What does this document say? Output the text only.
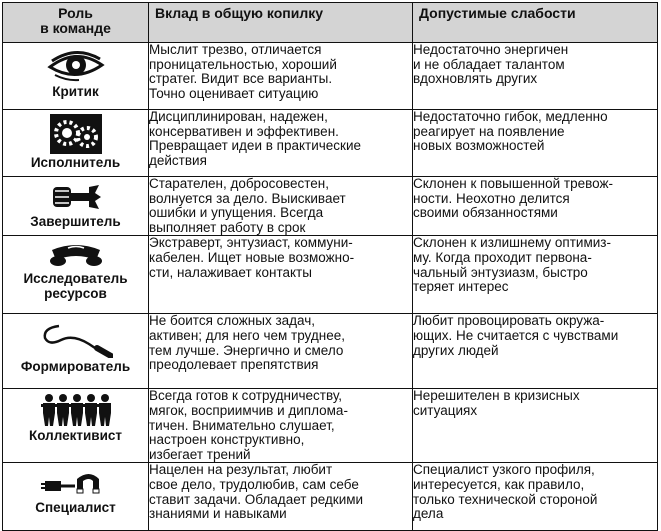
Роль
в команде	Вклад в общую копилку	Допустимые слабости

Критик	Мыслит трезво, отличается
проницательностью, хороший
стратег. Видит все варианты.
Точно оценивает ситуацию	Недостаточно энергичен
и не обладает талантом
вдохновлять других

Исполнитель	Дисциплинирован, надежен,
консервативен и эффективен.
Превращает идеи в практические
действия	Недостаточно гибок, медленно
реагирует на появление
новых возможностей

Завершитель	Старателен, добросовестен,
волнуется за дело. Выискивает
ошибки и упущения. Всегда
выполняет работу в срок	Склонен к повышенной тревож-
ности. Неохотно делится
своими обязанностями

Исследователь ресурсов	Экстраверт, энтузиаст, коммуни-
кабелен. Ищет новые возможно-
сти, налаживает контакты	Склонен к излишнему оптимиз-
му. Когда проходит первона-
чальный энтузиазм, быстро
теряет интерес

Формирователь	Не боится сложных задач,
активен; для него чем труднее,
тем лучше. Энергично и смело
преодолевает препятствия	Любит провоцировать окружа-
ющих. Не считается с чувствами
других людей

Коллективист	Всегда готов к сотрудничеству,
мягок, восприимчив и диплома-
тичен. Внимательно слушает,
настроен конструктивно,
избегает трений	Нерешителен в кризисных
ситуациях

Специалист	Нацелен на результат, любит
свое дело, трудолюбив, сам себе
ставит задачи. Обладает редкими
знаниями и навыками	Специалист узкого профиля,
интересуется, как правило,
только технической стороной
дела
